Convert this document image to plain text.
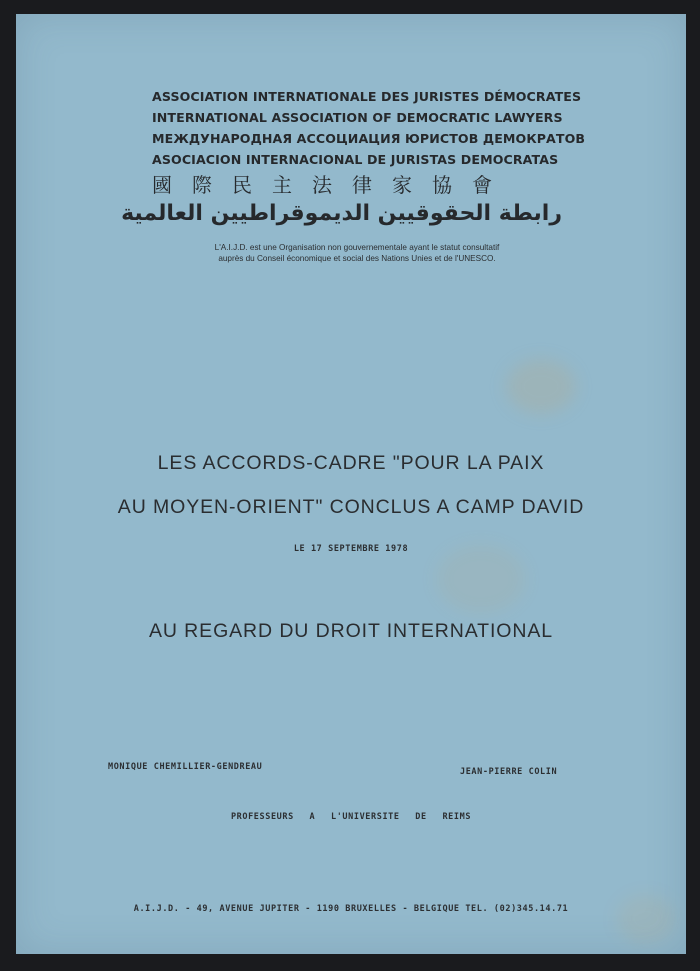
ASSOCIATION INTERNATIONALE DES JURISTES DÉMOCRATES
INTERNATIONAL ASSOCIATION OF DEMOCRATIC LAWYERS
МЕЖДУНАРОДНАЯ АССОЦИАЦИЯ ЮРИСТОВ ДЕМОКРАТОВ
ASOCIACION INTERNACIONAL DE JURISTAS DEMOCRATAS
國際民主法律家協會
رابطة الحقوقيين الديموقراطيين العالمية
L'A.I.J.D. est une Organisation non gouvernementale ayant le statut consultatif
auprès du Conseil économique et social des Nations Unies et de l'UNESCO.
LES ACCORDS-CADRE "POUR LA PAIX
AU MOYEN-ORIENT" CONCLUS A CAMP DAVID
LE 17 SEPTEMBRE 1978
AU REGARD DU DROIT INTERNATIONAL
MONIQUE CHEMILLIER-GENDREAU	JEAN-PIERRE COLIN
PROFESSEURS A L'UNIVERSITE DE REIMS
A.I.J.D. - 49, AVENUE JUPITER - 1190 BRUXELLES - BELGIQUE TEL. (02)345.14.71
